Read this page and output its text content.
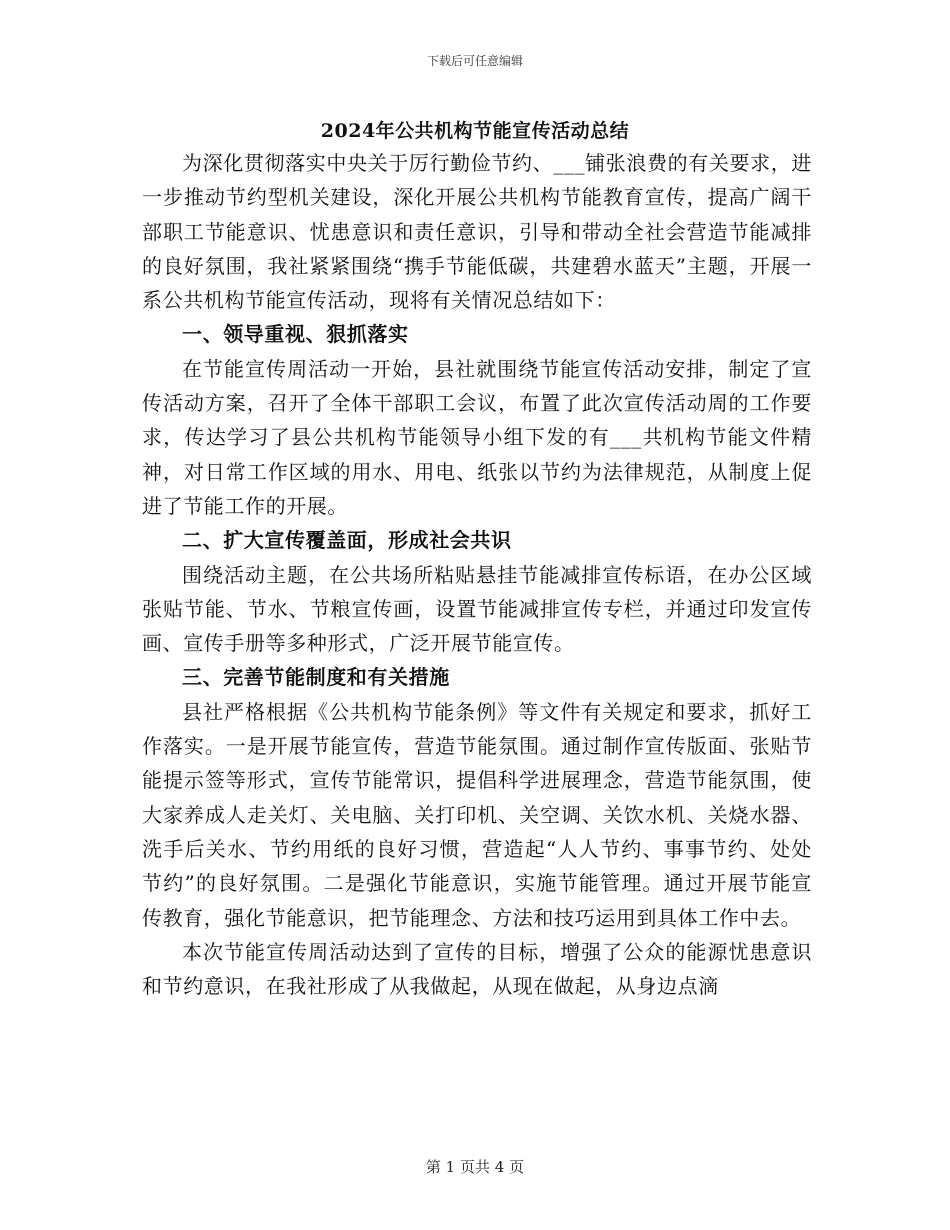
下载后可任意编辑
2024年公共机构节能宣传活动总结

为深化贯彻落实中央关于厉行勤俭节约、___铺张浪费的有关要求，进一步推动节约型机关建设，深化开展公共机构节能教育宣传，提高广阔干部职工节能意识、忧患意识和责任意识，引导和带动全社会营造节能减排的良好氛围，我社紧紧围绕“携手节能低碳，共建碧水蓝天”主题，开展一系公共机构节能宣传活动，现将有关情况总结如下：

一、领导重视、狠抓落实

在节能宣传周活动一开始，县社就围绕节能宣传活动安排，制定了宣传活动方案，召开了全体干部职工会议，布置了此次宣传活动周的工作要求，传达学习了县公共机构节能领导小组下发的有___共机构节能文件精神，对日常工作区域的用水、用电、纸张以节约为法律规范，从制度上促进了节能工作的开展。

二、扩大宣传覆盖面，形成社会共识

围绕活动主题，在公共场所粘贴悬挂节能减排宣传标语，在办公区域张贴节能、节水、节粮宣传画，设置节能减排宣传专栏，并通过印发宣传画、宣传手册等多种形式，广泛开展节能宣传。

三、完善节能制度和有关措施

县社严格根据《公共机构节能条例》等文件有关规定和要求，抓好工作落实。一是开展节能宣传，营造节能氛围。通过制作宣传版面、张贴节能提示签等形式，宣传节能常识，提倡科学进展理念，营造节能氛围，使大家养成人走关灯、关电脑、关打印机、关空调、关饮水机、关烧水器、洗手后关水、节约用纸的良好习惯，营造起“人人节约、事事节约、处处节约”的良好氛围。二是强化节能意识，实施节能管理。通过开展节能宣传教育，强化节能意识，把节能理念、方法和技巧运用到具体工作中去。

本次节能宣传周活动达到了宣传的目标，增强了公众的能源忧患意识和节约意识，在我社形成了从我做起，从现在做起，从身边点滴

第 1 页共 4 页
